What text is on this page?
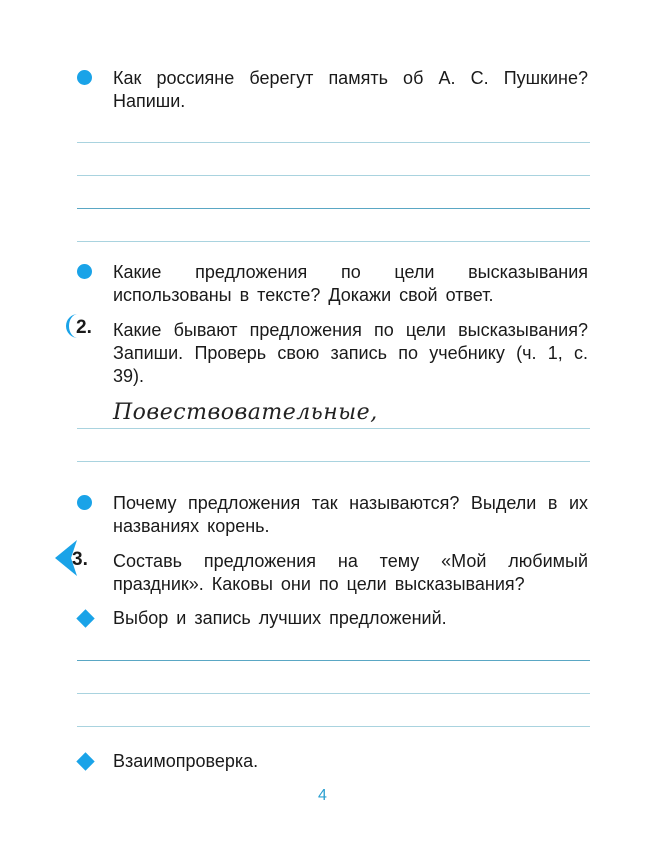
Как россияне берегут память об А. С. Пушкине? Напиши.
Какие предложения по цели высказывания использованы в тексте? Докажи свой ответ.
2. Какие бывают предложения по цели высказывания? Запиши. Проверь свою запись по учебнику (ч. 1, с. 39).
Повествовательные,
Почему предложения так называются? Выдели в их названиях корень.
3. Составь предложения на тему «Мой любимый праздник». Каковы они по цели высказывания?
Выбор и запись лучших предложений.
Взаимопроверка.
4
